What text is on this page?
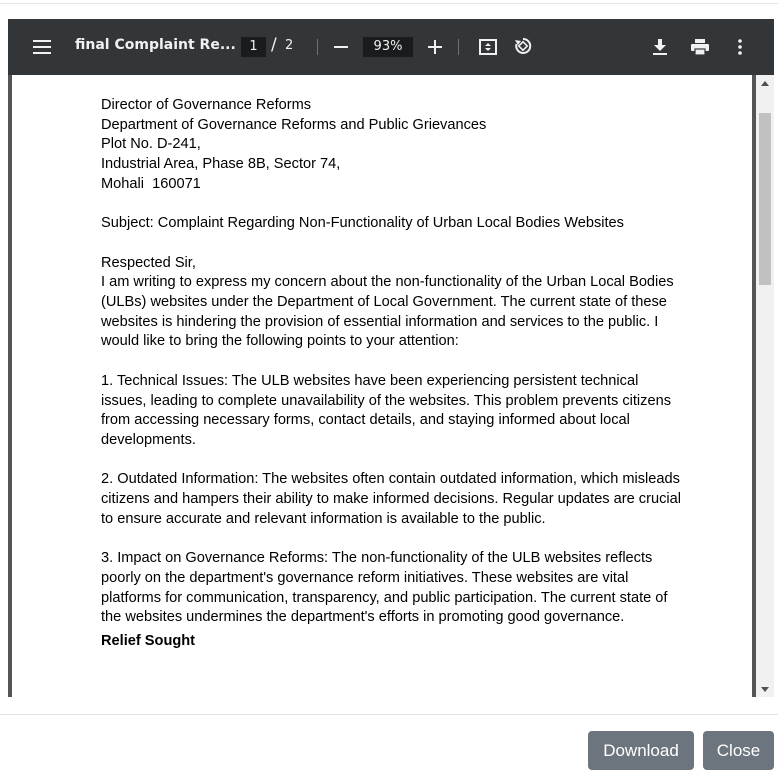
final Complaint Re...	1 / 2	93%
Director of Governance Reforms
Department of Governance Reforms and Public Grievances
Plot No. D-241,
Industrial Area, Phase 8B, Sector 74,
Mohali  160071
Subject: Complaint Regarding Non-Functionality of Urban Local Bodies Websites
Respected Sir,
I am writing to express my concern about the non-functionality of the Urban Local Bodies (ULBs) websites under the Department of Local Government. The current state of these websites is hindering the provision of essential information and services to the public. I would like to bring the following points to your attention:
1. Technical Issues: The ULB websites have been experiencing persistent technical issues, leading to complete unavailability of the websites. This problem prevents citizens from accessing necessary forms, contact details, and staying informed about local developments.
2. Outdated Information: The websites often contain outdated information, which misleads citizens and hampers their ability to make informed decisions. Regular updates are crucial to ensure accurate and relevant information is available to the public.
3. Impact on Governance Reforms: The non-functionality of the ULB websites reflects poorly on the department's governance reform initiatives. These websites are vital platforms for communication, transparency, and public participation. The current state of the websites undermines the department's efforts in promoting good governance.
Relief Sought
Download	Close
